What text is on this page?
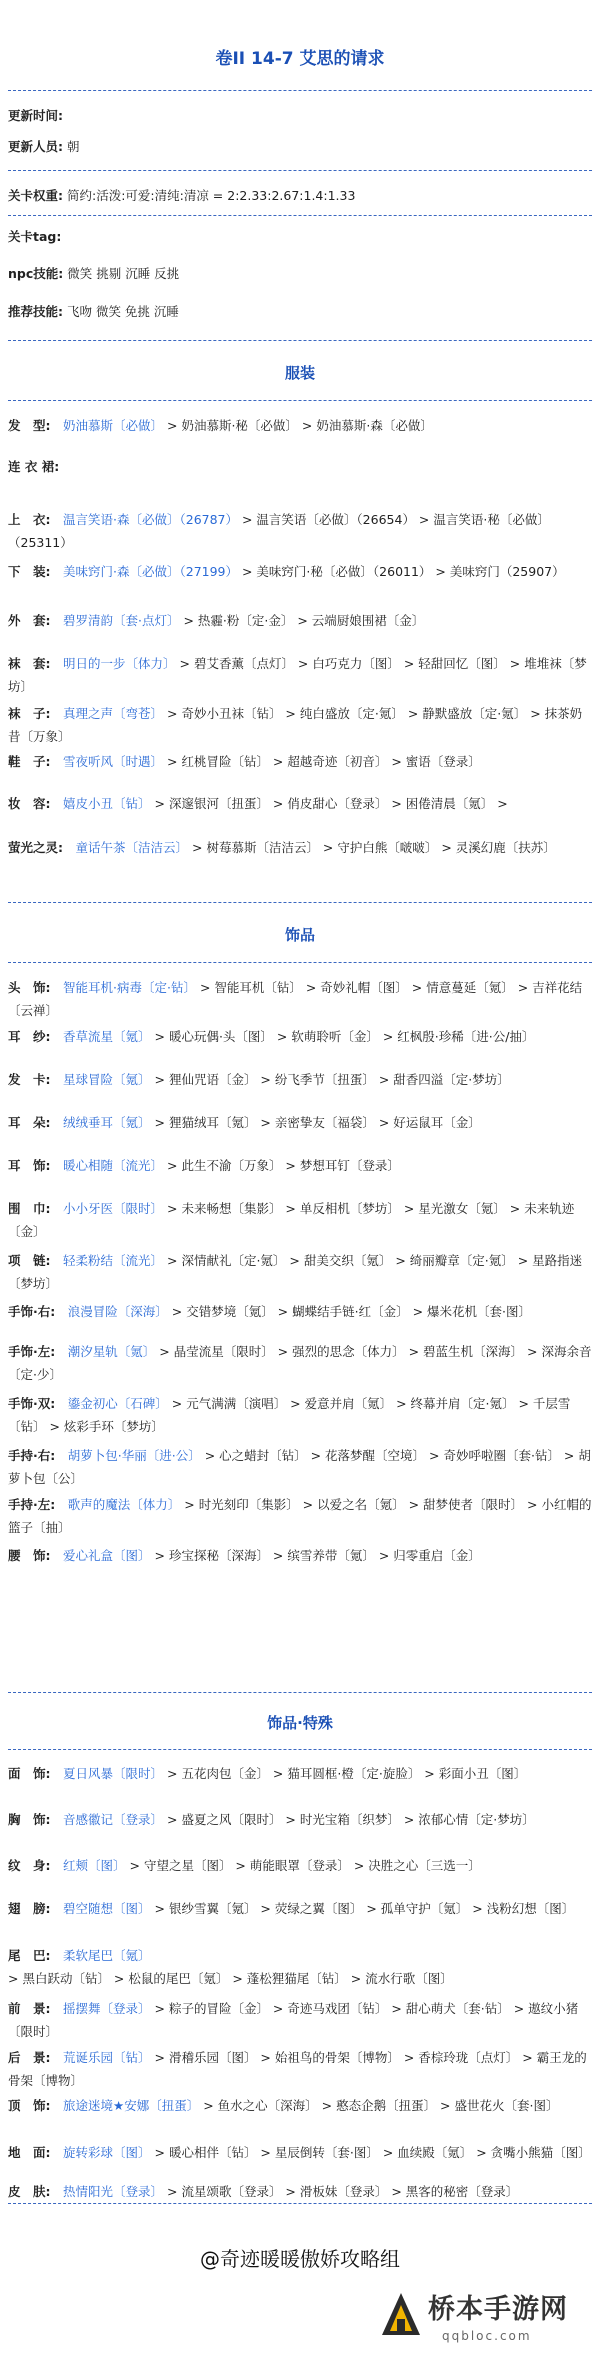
卷II 14-7 艾思的请求
更新时间:
更新人员: 朝
关卡权重: 简约:活泼:可爱:清纯:清凉 = 2:2.33:2.67:1.4:1.33
关卡tag:
npc技能: 微笑 挑剔 沉睡 反挑
推荐技能: 飞吻 微笑 免挑 沉睡
服装
发　型:　 奶油慕斯〔必做〕 > 奶油慕斯·秘〔必做〕 > 奶油慕斯·森〔必做〕
连 衣 裙:　
上　衣:　 温言笑语·森〔必做〕（26787） > 温言笑语〔必做〕（26654） > 温言笑语·秘〔必做〕（25311）
下　装:　 美味窍门·森〔必做〕（27199） > 美味窍门·秘〔必做〕（26011） > 美味窍门（25907）
外　套:　 碧罗清韵〔套·点灯〕 > 热霾·粉〔定·金〕 > 云端厨娘围裙〔金〕
袜　套:　 明日的一步〔体力〕 > 碧艾香薰〔点灯〕 > 白巧克力〔图〕 > 轻甜回忆〔图〕 > 堆堆袜〔梦坊〕
袜　子:　 真理之声〔弯苍〕 > 奇妙小丑袜〔钻〕 > 纯白盛放〔定·氪〕 > 静默盛放〔定·氪〕 > 抹茶奶昔〔万象〕
鞋　子:　 雪夜听风〔时遇〕 > 红桃冒险〔钻〕 > 超越奇迹〔初音〕 > 蜜语〔登录〕
妆　容:　 嬉皮小丑〔钻〕 > 深邃银河〔扭蛋〕 > 俏皮甜心〔登录〕 > 困倦清晨〔氪〕 >
萤光之灵:　 童话午茶〔洁洁云〕 > 树莓慕斯〔洁洁云〕 > 守护白熊〔啵啵〕 > 灵溪幻鹿〔扶苏〕
饰品
头　饰:　 智能耳机·病毒〔定·钻〕 > 智能耳机〔钻〕 > 奇妙礼帽〔图〕 > 情意蔓延〔氪〕 > 吉祥花结〔云禅〕
耳　纱:　 香草流星〔氪〕 > 暖心玩偶·头〔图〕 > 软萌聆听〔金〕 > 红枫殷·珍稀〔进·公/抽〕
发　卡:　 星球冒险〔氪〕 > 狸仙咒语〔金〕 > 纷飞季节〔扭蛋〕 > 甜香四溢〔定·梦坊〕
耳　朵:　 绒绒垂耳〔氪〕 > 狸猫绒耳〔氪〕 > 亲密挚友〔福袋〕 > 好运鼠耳〔金〕
耳　饰:　 暖心相随〔流光〕 > 此生不渝〔万象〕 > 梦想耳钉〔登录〕
围　巾:　 小小牙医〔限时〕 > 未来畅想〔集影〕 > 单反相机〔梦坊〕 > 星光激女〔氪〕 > 未来轨迹〔金〕
项　链:　 轻柔粉结〔流光〕 > 深情献礼〔定·氪〕 > 甜美交织〔氪〕 > 绮丽瓣章〔定·氪〕 > 星路指迷〔梦坊〕
手饰·右:　 浪漫冒险〔深海〕 > 交错梦境〔氪〕 > 蝴蝶结手链·红〔金〕 > 爆米花机〔套·图〕
手饰·左:　 潮汐星轨〔氪〕 > 晶莹流星〔限时〕 > 强烈的思念〔体力〕 > 碧蓝生机〔深海〕 > 深海余音〔定·少〕
手饰·双:　 鎏金初心〔石碑〕 > 元气满满〔演唱〕 > 爱意并肩〔氪〕 > 终幕并肩〔定·氪〕 > 千层雪〔钻〕 > 炫彩手环〔梦坊〕
手持·右:　 胡萝卜包·华丽〔进·公〕 > 心之蜡封〔钻〕 > 花落梦醒〔空境〕 > 奇妙呼啦圈〔套·钻〕 > 胡萝卜包〔公〕
手持·左:　 歌声的魔法〔体力〕 > 时光刻印〔集影〕 > 以爱之名〔氪〕 > 甜梦使者〔限时〕 > 小红帽的篮子〔抽〕
腰　饰:　 爱心礼盒〔图〕 > 珍宝探秘〔深海〕 > 缤雪养带〔氪〕 > 归零重启〔金〕
饰品·特殊
面　饰:　 夏日风暴〔限时〕 > 五花肉包〔金〕 > 猫耳圆框·橙〔定·旋脸〕 > 彩面小丑〔图〕
胸　饰:　 音感徽记〔登录〕 > 盛夏之风〔限时〕 > 时光宝箱〔织梦〕 > 浓郁心情〔定·梦坊〕
纹　身:　 红颊〔图〕 > 守望之星〔图〕 > 萌能眼罩〔登录〕 > 决胜之心〔三选一〕
翅　膀:　 碧空随想〔图〕 > 银纱雪翼〔氪〕 > 荧绿之翼〔图〕 > 孤单守护〔氪〕 > 浅粉幻想〔图〕
尾　巴:　 柔软尾巴〔氪〕 > 黑白跃动〔钻〕 > 松鼠的尾巴〔氪〕 > 蓬松狸猫尾〔钻〕 > 流水行歌〔图〕
前　景:　 摇摆舞〔登录〕 > 粽子的冒险〔金〕 > 奇迹马戏团〔钻〕 > 甜心萌犬〔套·钻〕 > 遨纹小猪〔限时〕
后　景:　 荒诞乐园〔钻〕 > 滑稽乐园〔图〕 > 始祖鸟的骨架〔博物〕 > 香棕玲珑〔点灯〕 > 霸王龙的骨架〔博物〕
顶　饰:　 旅途迷境★安娜〔扭蛋〕 > 鱼水之心〔深海〕 > 憨态企鹅〔扭蛋〕 > 盛世花火〔套·图〕
地　面:　 旋转彩球〔图〕 > 暖心相伴〔钻〕 > 星辰倒转〔套·图〕 > 血续殿〔氪〕 > 贪嘴小熊猫〔图〕
皮　肤:　 热情阳光〔登录〕 > 流星颂歌〔登录〕 > 滑板妹〔登录〕 > 黑客的秘密〔登录〕
@奇迹暖暖傲娇攻略组
桥本手游网
qqbloc.com
